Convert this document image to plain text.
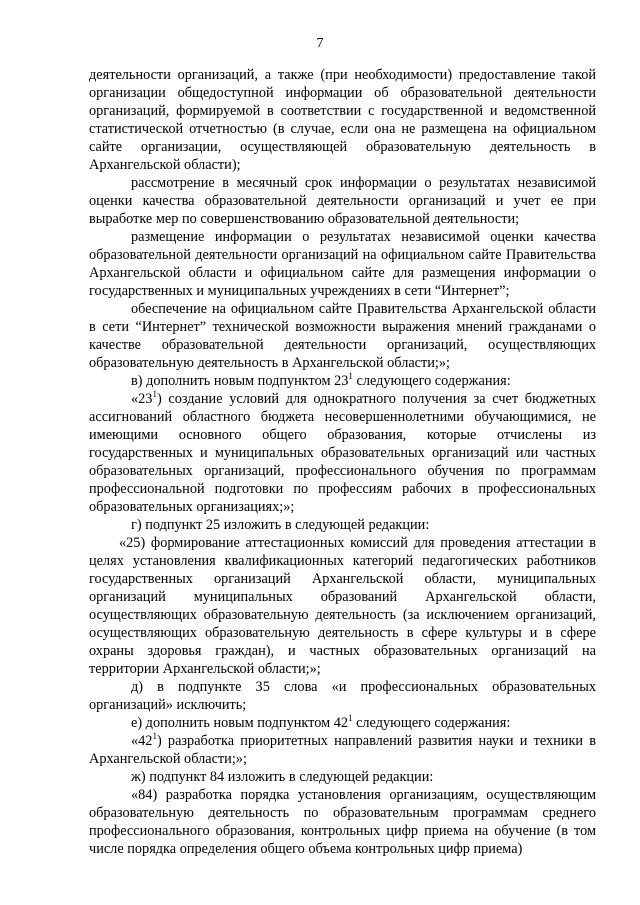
7

деятельности организаций, а также (при необходимости) предоставление такой организации общедоступной информации об образовательной деятельности организаций, формируемой в соответствии с государственной и ведомственной статистической отчетностью (в случае, если она не размещена на официальном сайте организации, осуществляющей образовательную деятельность в Архангельской области);

рассмотрение в месячный срок информации о результатах независимой оценки качества образовательной деятельности организаций и учет ее при выработке мер по совершенствованию образовательной деятельности;

размещение информации о результатах независимой оценки качества образовательной деятельности организаций на официальном сайте Правительства Архангельской области и официальном сайте для размещения информации о государственных и муниципальных учреждениях в сети “Интернет”;

обеспечение на официальном сайте Правительства Архангельской области в сети “Интернет” технической возможности выражения мнений гражданами о качестве образовательной деятельности организаций, осуществляющих образовательную деятельность в Архангельской области;»;

в) дополнить новым подпунктом $23^1$ следующего содержания:

«$23^1$) создание условий для однократного получения за счет бюджетных ассигнований областного бюджета несовершеннолетними обучающимися, не имеющими основного общего образования, которые отчислены из государственных и муниципальных образовательных организаций или частных образовательных организаций, профессионального обучения по программам профессиональной подготовки по профессиям рабочих в профессиональных образовательных организациях;»;

г) подпункт 25 изложить в следующей редакции:

«25) формирование аттестационных комиссий для проведения аттестации в целях установления квалификационных категорий педагогических работников государственных организаций Архангельской области, муниципальных организаций муниципальных образований Архангельской области, осуществляющих образовательную деятельность (за исключением организаций, осуществляющих образовательную деятельность в сфере культуры и в сфере охраны здоровья граждан), и частных образовательных организаций на территории Архангельской области;»;

д) в подпункте 35 слова «и профессиональных образовательных организаций» исключить;

е) дополнить новым подпунктом $42^1$ следующего содержания:

«$42^1$) разработка приоритетных направлений развития науки и техники в Архангельской области;»;

ж) подпункт 84 изложить в следующей редакции:

«84) разработка порядка установления организациям, осуществляющим образовательную деятельность по образовательным программам среднего профессионального образования, контрольных цифр приема на обучение (в том числе порядка определения общего объема контрольных цифр приема)
